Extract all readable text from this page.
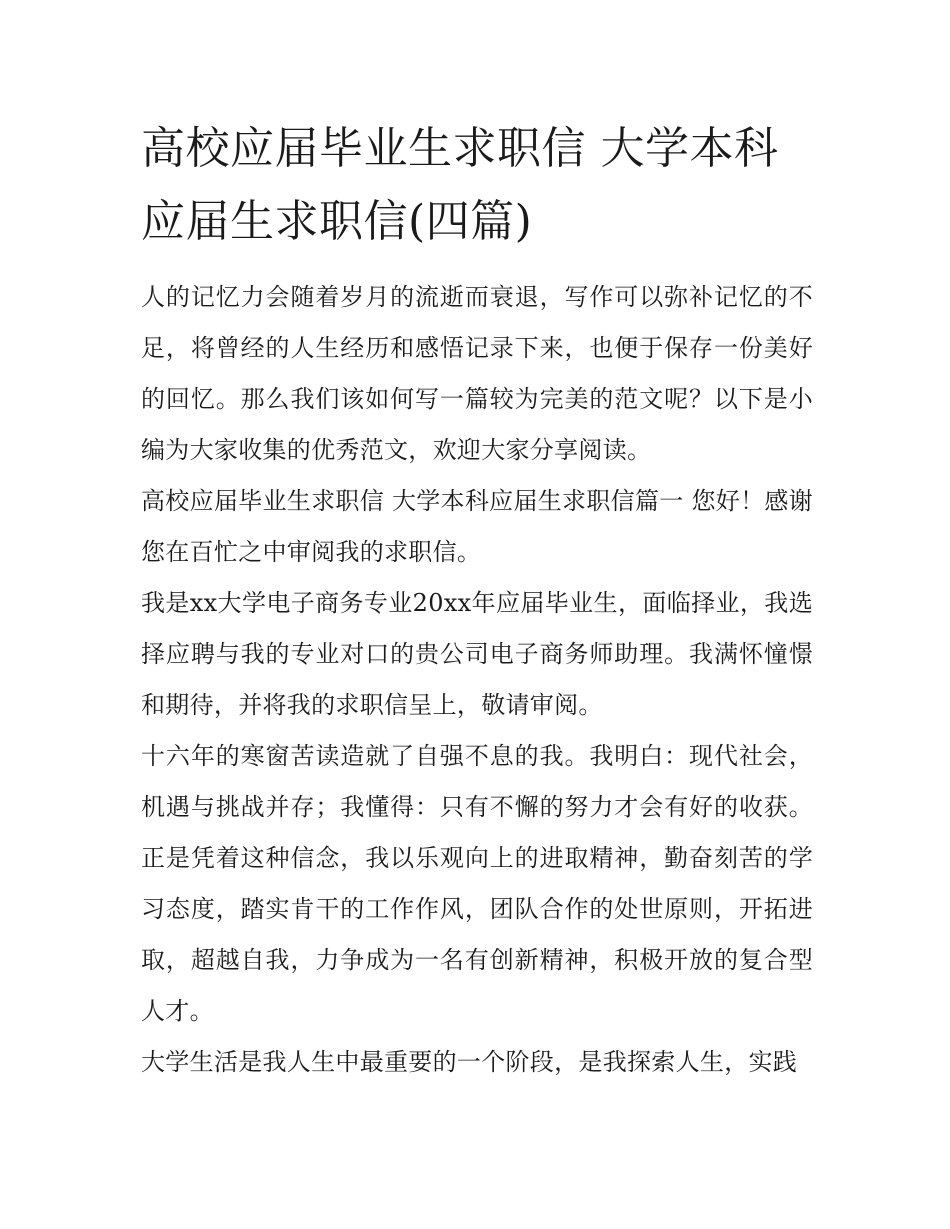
高校应届毕业生求职信 大学本科应届生求职信(四篇)

人的记忆力会随着岁月的流逝而衰退，写作可以弥补记忆的不足，将曾经的人生经历和感悟记录下来，也便于保存一份美好的回忆。那么我们该如何写一篇较为完美的范文呢？以下是小编为大家收集的优秀范文，欢迎大家分享阅读。

高校应届毕业生求职信 大学本科应届生求职信篇一 您好！感谢您在百忙之中审阅我的求职信。

我是xx大学电子商务专业20xx年应届毕业生，面临择业，我选择应聘与我的专业对口的贵公司电子商务师助理。我满怀憧憬和期待，并将我的求职信呈上，敬请审阅。

十六年的寒窗苦读造就了自强不息的我。我明白：现代社会，机遇与挑战并存；我懂得：只有不懈的努力才会有好的收获。正是凭着这种信念，我以乐观向上的进取精神，勤奋刻苦的学习态度，踏实肯干的工作作风，团队合作的处世原则，开拓进取，超越自我，力争成为一名有创新精神，积极开放的复合型人才。

大学生活是我人生中最重要的一个阶段，是我探索人生，实践
